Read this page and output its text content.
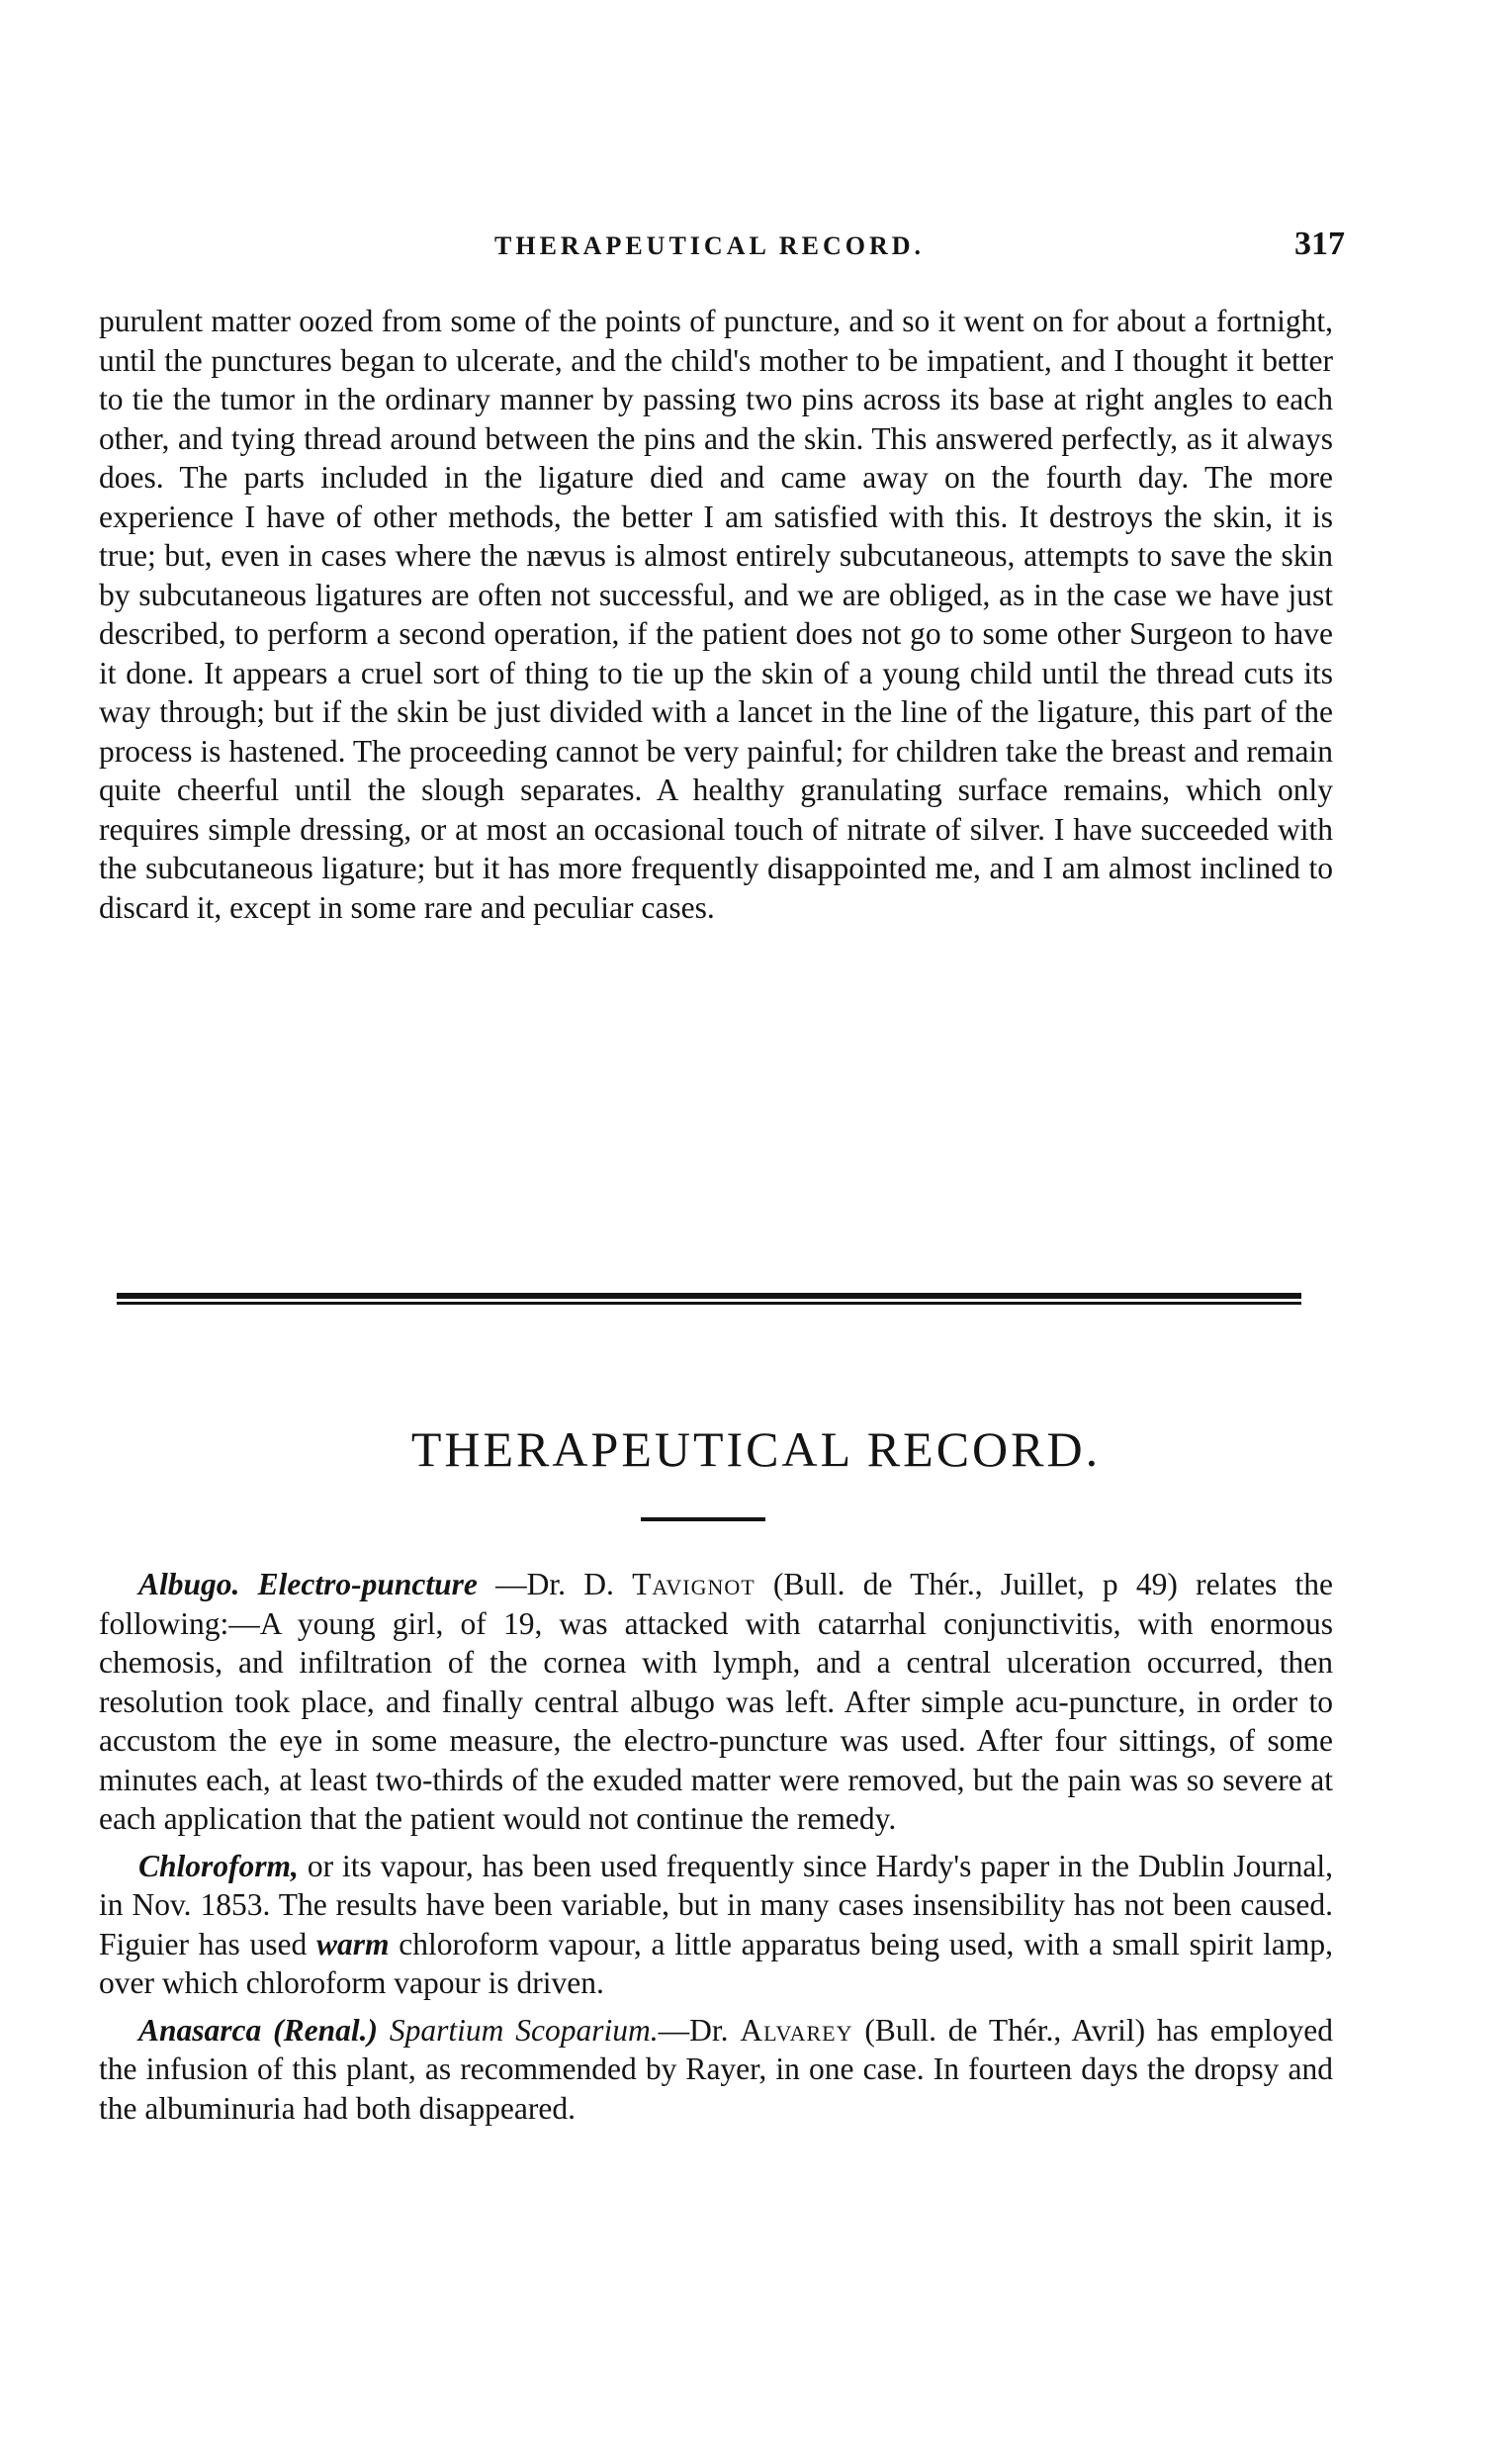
THERAPEUTICAL RECORD.	317

purulent matter oozed from some of the points of puncture, and so it went on for about a fortnight, until the punctures began to ulcerate, and the child's mother to be impatient, and I thought it better to tie the tumor in the ordinary manner by passing two pins across its base at right angles to each other, and tying thread around between the pins and the skin. This answered perfectly, as it always does. The parts included in the ligature died and came away on the fourth day. The more experience I have of other methods, the better I am satisfied with this. It destroys the skin, it is true; but, even in cases where the nævus is almost entirely subcutaneous, attempts to save the skin by subcutaneous ligatures are often not successful, and we are obliged, as in the case we have just described, to perform a second operation, if the patient does not go to some other Surgeon to have it done. It appears a cruel sort of thing to tie up the skin of a young child until the thread cuts its way through; but if the skin be just divided with a lancet in the line of the ligature, this part of the process is hastened. The proceeding cannot be very painful; for children take the breast and remain quite cheerful until the slough separates. A healthy granulating surface remains, which only requires simple dressing, or at most an occasional touch of nitrate of silver. I have succeeded with the subcutaneous ligature; but it has more frequently disappointed me, and I am almost inclined to discard it, except in some rare and peculiar cases.

THERAPEUTICAL RECORD.

Albugo. Electro-puncture —Dr. D. Tavignot (Bull. de Thér., Juillet, p 49) relates the following:—A young girl, of 19, was attacked with catarrhal conjunctivitis, with enormous chemosis, and infiltration of the cornea with lymph, and a central ulceration occurred, then resolution took place, and finally central albugo was left. After simple acu-puncture, in order to accustom the eye in some measure, the electro-puncture was used. After four sittings, of some minutes each, at least two-thirds of the exuded matter were removed, but the pain was so severe at each application that the patient would not continue the remedy.

Chloroform, or its vapour, has been used frequently since Hardy's paper in the Dublin Journal, in Nov. 1853. The results have been variable, but in many cases insensibility has not been caused. Figuier has used warm chloroform vapour, a little apparatus being used, with a small spirit lamp, over which chloroform vapour is driven.

Anasarca (Renal.) Spartium Scoparium.—Dr. Alvarey (Bull. de Thér., Avril) has employed the infusion of this plant, as recommended by Rayer, in one case. In fourteen days the dropsy and the albuminuria had both disappeared.
